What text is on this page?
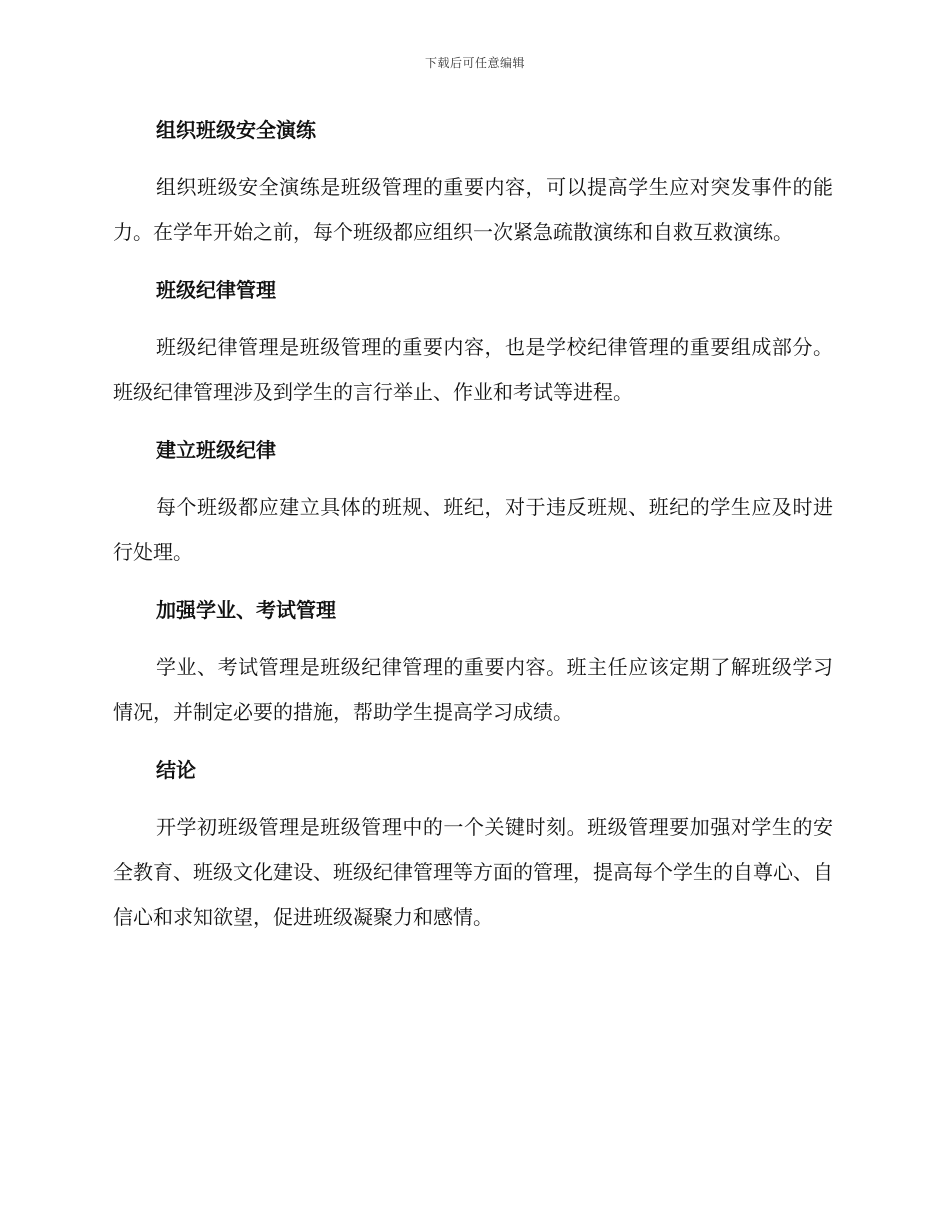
下载后可任意编辑
组织班级安全演练

组织班级安全演练是班级管理的重要内容，可以提高学生应对突发事件的能力。在学年开始之前，每个班级都应组织一次紧急疏散演练和自救互救演练。

班级纪律管理

班级纪律管理是班级管理的重要内容，也是学校纪律管理的重要组成部分。班级纪律管理涉及到学生的言行举止、作业和考试等进程。

建立班级纪律

每个班级都应建立具体的班规、班纪，对于违反班规、班纪的学生应及时进行处理。

加强学业、考试管理

学业、考试管理是班级纪律管理的重要内容。班主任应该定期了解班级学习情况，并制定必要的措施，帮助学生提高学习成绩。

结论

开学初班级管理是班级管理中的一个关键时刻。班级管理要加强对学生的安全教育、班级文化建设、班级纪律管理等方面的管理，提高每个学生的自尊心、自信心和求知欲望，促进班级凝聚力和感情。
